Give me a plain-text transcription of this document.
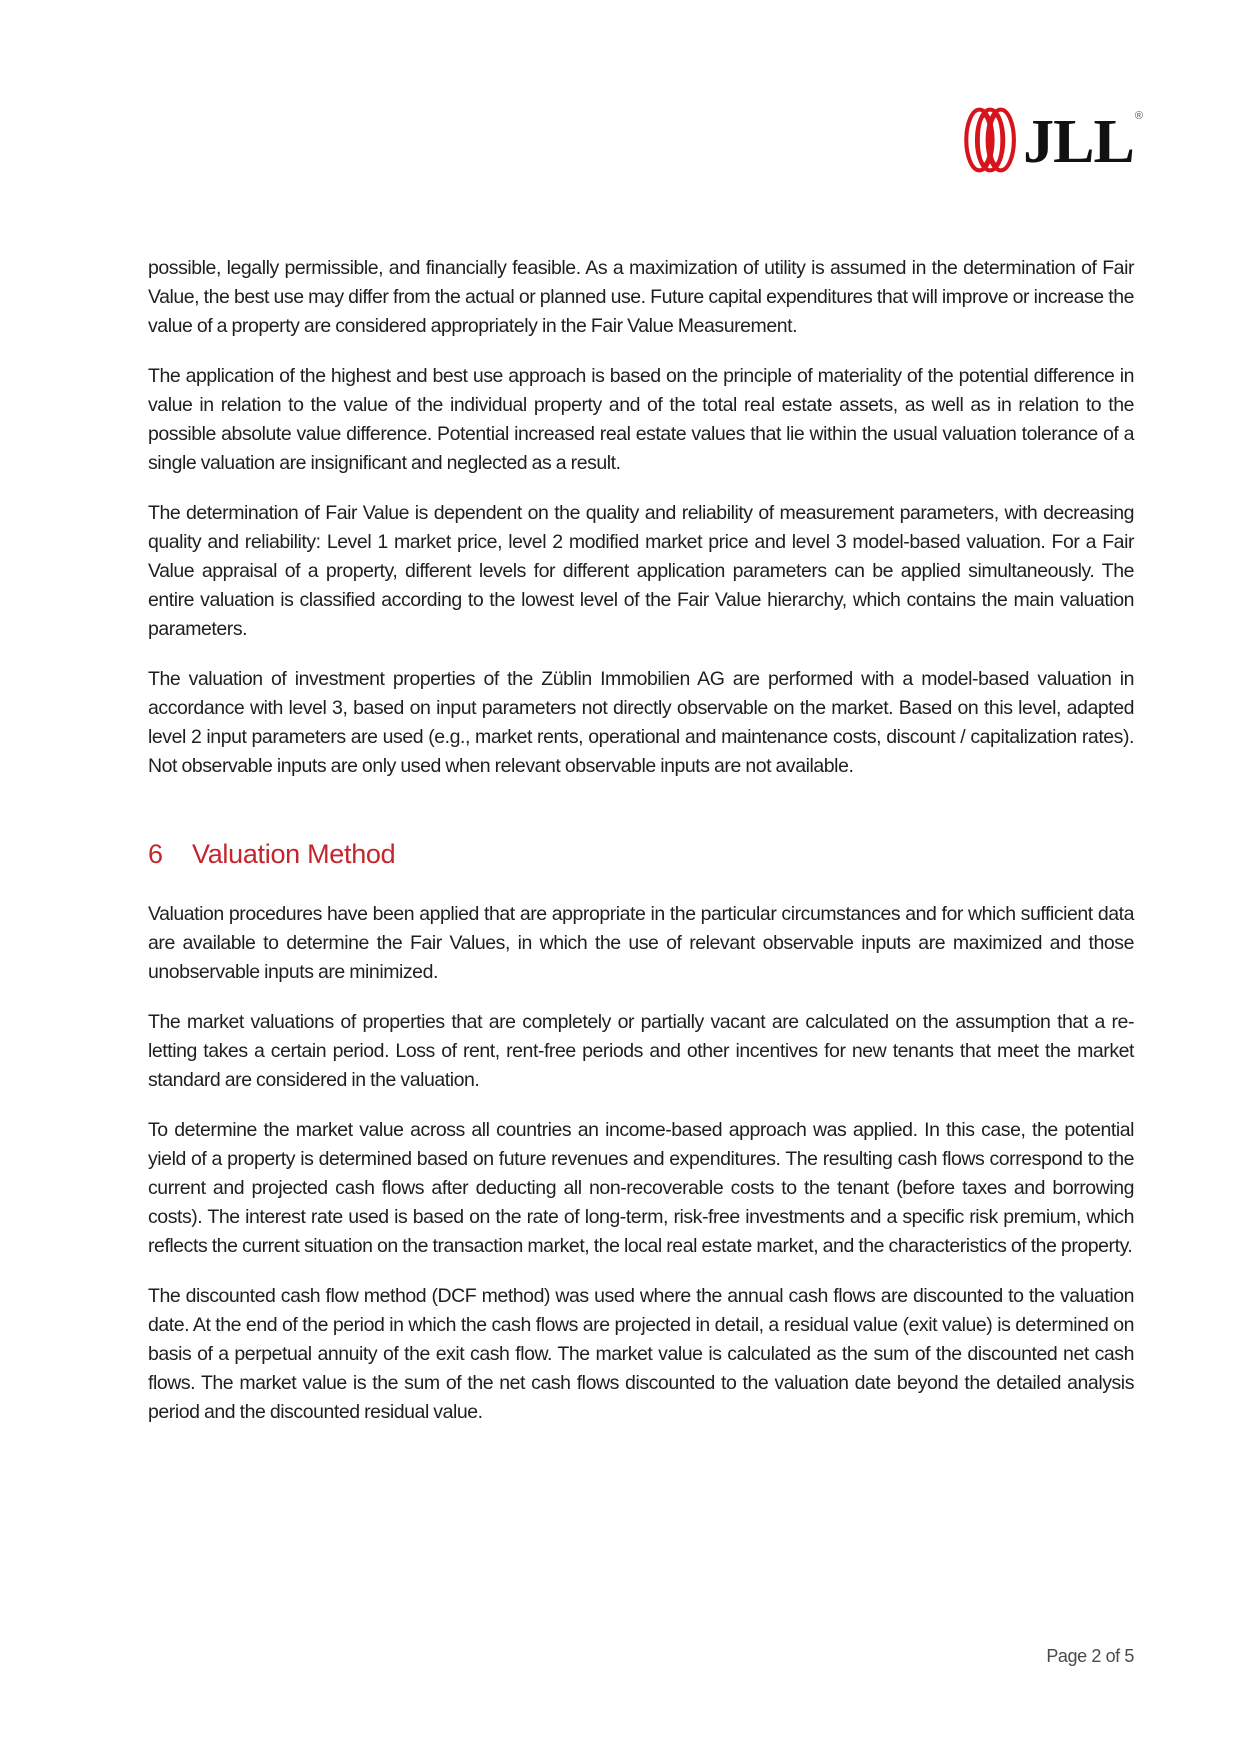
JLL ®

possible, legally permissible, and financially feasible. As a maximization of utility is assumed in the determination of Fair Value, the best use may differ from the actual or planned use. Future capital expenditures that will improve or increase the value of a property are considered appropriately in the Fair Value Measurement.

The application of the highest and best use approach is based on the principle of materiality of the potential difference in value in relation to the value of the individual property and of the total real estate assets, as well as in relation to the possible absolute value difference. Potential increased real estate values that lie within the usual valuation tolerance of a single valuation are insignificant and neglected as a result.

The determination of Fair Value is dependent on the quality and reliability of measurement parameters, with decreasing quality and reliability: Level 1 market price, level 2 modified market price and level 3 model-based valuation. For a Fair Value appraisal of a property, different levels for different application parameters can be applied simultaneously. The entire valuation is classified according to the lowest level of the Fair Value hierarchy, which contains the main valuation parameters.

The valuation of investment properties of the Züblin Immobilien AG are performed with a model-based valuation in accordance with level 3, based on input parameters not directly observable on the market. Based on this level, adapted level 2 input parameters are used (e.g., market rents, operational and maintenance costs, discount / capitalization rates). Not observable inputs are only used when relevant observable inputs are not available.

6	Valuation Method

Valuation procedures have been applied that are appropriate in the particular circumstances and for which sufficient data are available to determine the Fair Values, in which the use of relevant observable inputs are maximized and those unobservable inputs are minimized.

The market valuations of properties that are completely or partially vacant are calculated on the assumption that a re-letting takes a certain period. Loss of rent, rent-free periods and other incentives for new tenants that meet the market standard are considered in the valuation.

To determine the market value across all countries an income-based approach was applied. In this case, the potential yield of a property is determined based on future revenues and expenditures. The resulting cash flows correspond to the current and projected cash flows after deducting all non-recoverable costs to the tenant (before taxes and borrowing costs). The interest rate used is based on the rate of long-term, risk-free investments and a specific risk premium, which reflects the current situation on the transaction market, the local real estate market, and the characteristics of the property.

The discounted cash flow method (DCF method) was used where the annual cash flows are discounted to the valuation date. At the end of the period in which the cash flows are projected in detail, a residual value (exit value) is determined on basis of a perpetual annuity of the exit cash flow. The market value is calculated as the sum of the discounted net cash flows. The market value is the sum of the net cash flows discounted to the valuation date beyond the detailed analysis period and the discounted residual value.

Page 2 of 5
